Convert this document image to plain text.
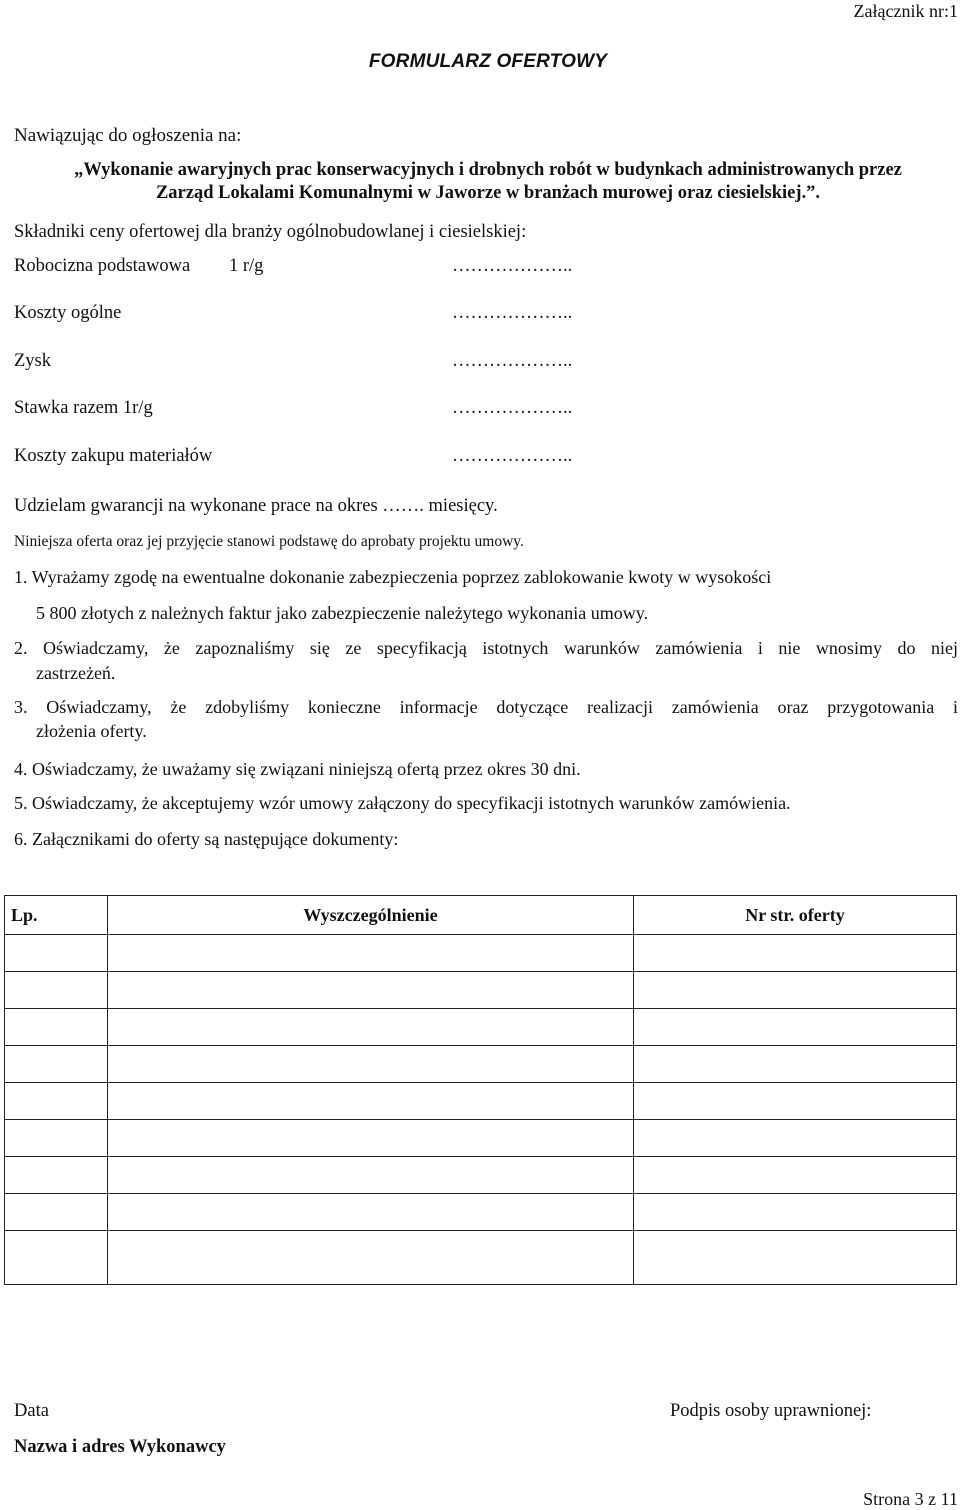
Załącznik nr:1
FORMULARZ OFERTOWY
Nawiązując do ogłoszenia na:
„Wykonanie awaryjnych prac konserwacyjnych i drobnych robót w budynkach administrowanych przez
Zarząd Lokalami Komunalnymi w Jaworze w branżach murowej oraz ciesielskiej.”.
Składniki ceny ofertowej dla branży ogólnobudowlanej i ciesielskiej:
Robocizna podstawowa 1 r/g	………………..
Koszty ogólne	………………..
Zysk	………………..
Stawka razem 1r/g	………………..
Koszty zakupu materiałów	………………..
Udzielam gwarancji na wykonane prace na okres ……. miesięcy.
Niniejsza oferta oraz jej przyjęcie stanowi podstawę do aprobaty projektu umowy.
1. Wyrażamy zgodę na ewentualne dokonanie zabezpieczenia poprzez zablokowanie kwoty w wysokości
5 800 złotych z należnych faktur jako zabezpieczenie należytego wykonania umowy.
2. Oświadczamy, że zapoznaliśmy się ze specyfikacją istotnych warunków zamówienia i nie wnosimy do niej
zastrzeżeń.
3. Oświadczamy, że zdobyliśmy konieczne informacje dotyczące realizacji zamówienia oraz przygotowania i
złożenia oferty.
4. Oświadczamy, że uważamy się związani niniejszą ofertą przez okres 30 dni.
5. Oświadczamy, że akceptujemy wzór umowy załączony do specyfikacji istotnych warunków zamówienia.
6. Załącznikami do oferty są następujące dokumenty:
Lp.	Wyszczególnienie	Nr str. oferty

Data	Podpis osoby uprawnionej:
Nazwa i adres Wykonawcy
Strona 3 z 11
